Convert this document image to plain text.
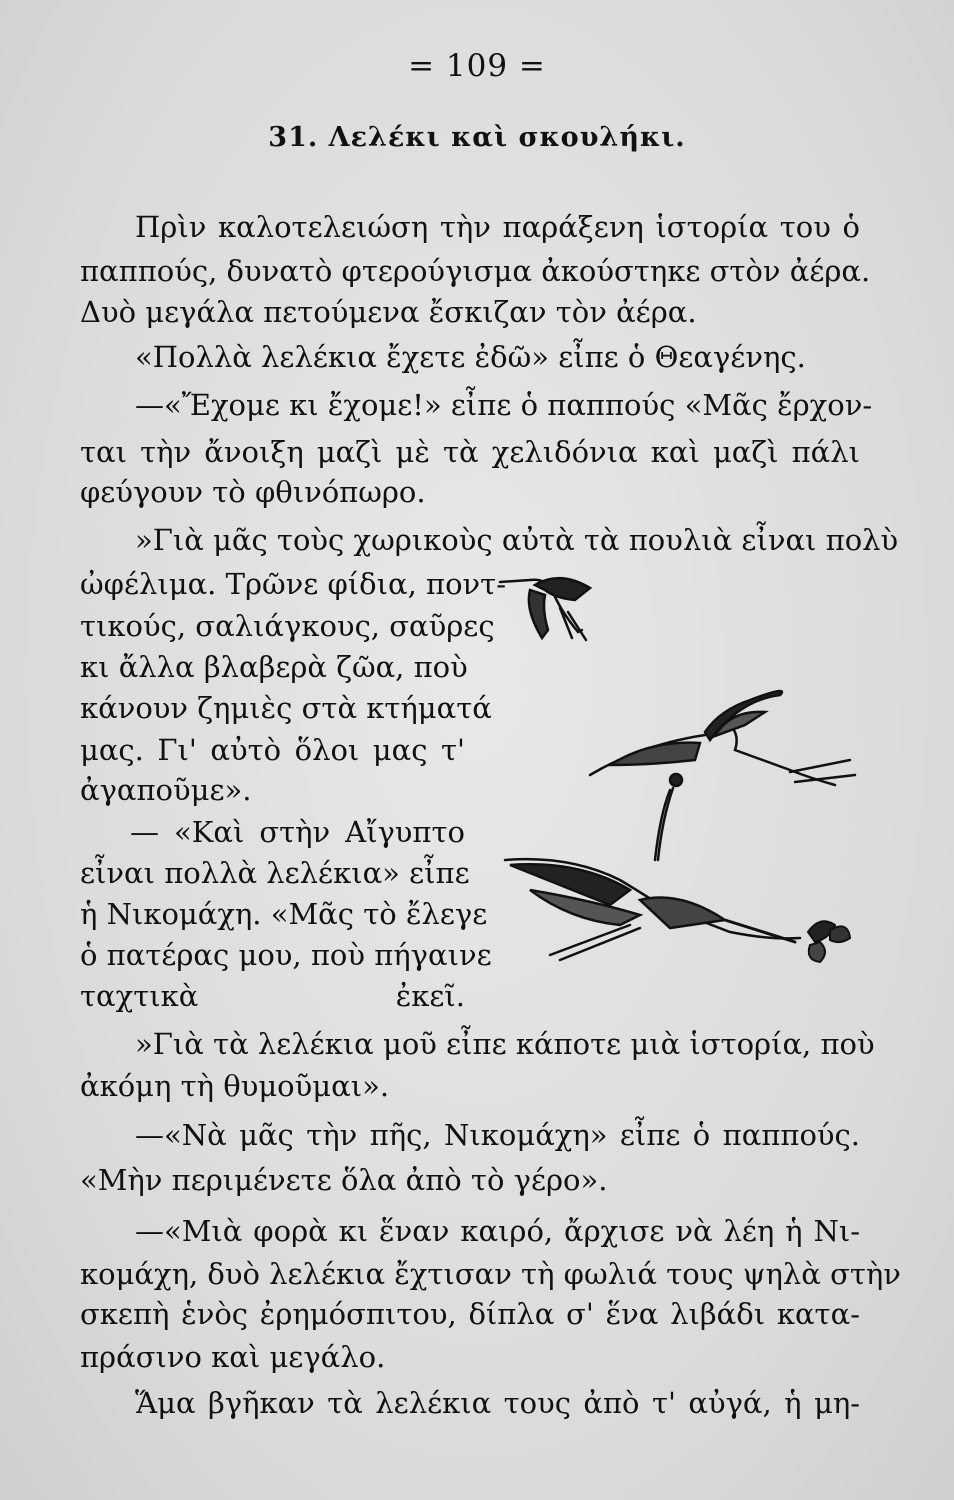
= 109 =
31. Λελέκι καὶ σκουλήκι.
Πρὶν καλοτελειώση τὴν παράξενη ἱστορία του ὁ
παππούς, δυνατὸ φτερούγισμα ἀκούστηκε στὸν ἀέρα.
Δυὸ μεγάλα πετούμενα ἔσκιζαν τὸν ἀέρα.
«Πολλὰ λελέκια ἔχετε ἐδῶ» εἶπε ὁ Θεαγένης.
—«Ἔχομε κι ἔχομε!» εἶπε ὁ παππούς «Μᾶς ἔρχον-
ται τὴν ἄνοιξη μαζὶ μὲ τὰ χελιδόνια καὶ μαζὶ πάλι
φεύγουν τὸ φθινόπωρο.
»Γιὰ μᾶς τοὺς χωρικοὺς αὐτὰ τὰ πουλιὰ εἶναι πολὺ
ὠφέλιμα. Τρῶνε φίδια, ποντ-
τικούς, σαλιάγκους, σαῦρες
κι ἄλλα βλαβερὰ ζῶα, ποὺ
κάνουν ζημιὲς στὰ κτήματά
μας. Γι' αὐτὸ ὅλοι μας τ'
ἀγαποῦμε».
— «Καὶ στὴν Αἴγυπτο
εἶναι πολλὰ λελέκια» εἶπε
ἡ Νικομάχη. «Μᾶς τὸ ἔλεγε
ὁ πατέρας μου, ποὺ πήγαινε
ταχτικὰ ἐκεῖ.
»Γιὰ τὰ λελέκια μοῦ εἶπε κάποτε μιὰ ἱστορία, ποὺ
ἀκόμη τὴ θυμοῦμαι».
—«Νὰ μᾶς τὴν πῆς, Νικομάχη» εἶπε ὁ παππούς.
«Μὴν περιμένετε ὅλα ἀπὸ τὸ γέρο».
—«Μιὰ φορὰ κι ἕναν καιρό, ἄρχισε νὰ λέη ἡ Νι-
κομάχη, δυὸ λελέκια ἔχτισαν τὴ φωλιά τους ψηλὰ στὴν
σκεπὴ ἑνὸς ἐρημόσπιτου, δίπλα σ' ἕνα λιβάδι κατα-
πράσινο καὶ μεγάλο.
Ἅμα βγῆκαν τὰ λελέκια τους ἀπὸ τ' αὐγά, ἡ μη-
